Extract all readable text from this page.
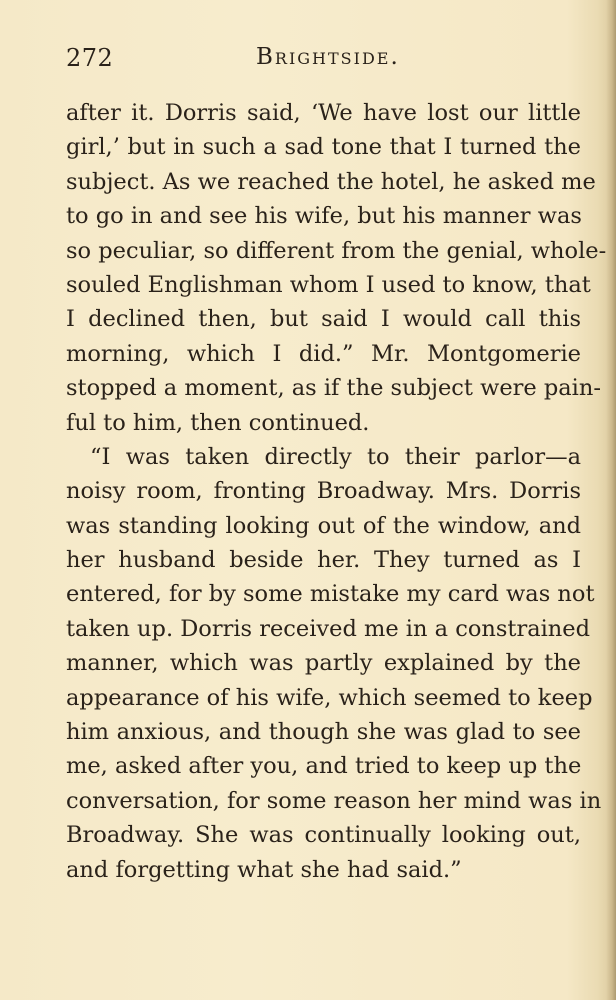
272	Brightside.
after it. Dorris said, ‘We have lost our little
girl,’ but in such a sad tone that I turned the
subject. As we reached the hotel, he asked me
to go in and see his wife, but his manner was
so peculiar, so different from the genial, whole-
souled Englishman whom I used to know, that
I declined then, but said I would call this
morning, which I did.” Mr. Montgomerie
stopped a moment, as if the subject were pain-
ful to him, then continued.
“I was taken directly to their parlor—a
noisy room, fronting Broadway. Mrs. Dorris
was standing looking out of the window, and
her husband beside her. They turned as I
entered, for by some mistake my card was not
taken up. Dorris received me in a constrained
manner, which was partly explained by the
appearance of his wife, which seemed to keep
him anxious, and though she was glad to see
me, asked after you, and tried to keep up the
conversation, for some reason her mind was in
Broadway. She was continually looking out,
and forgetting what she had said.”
